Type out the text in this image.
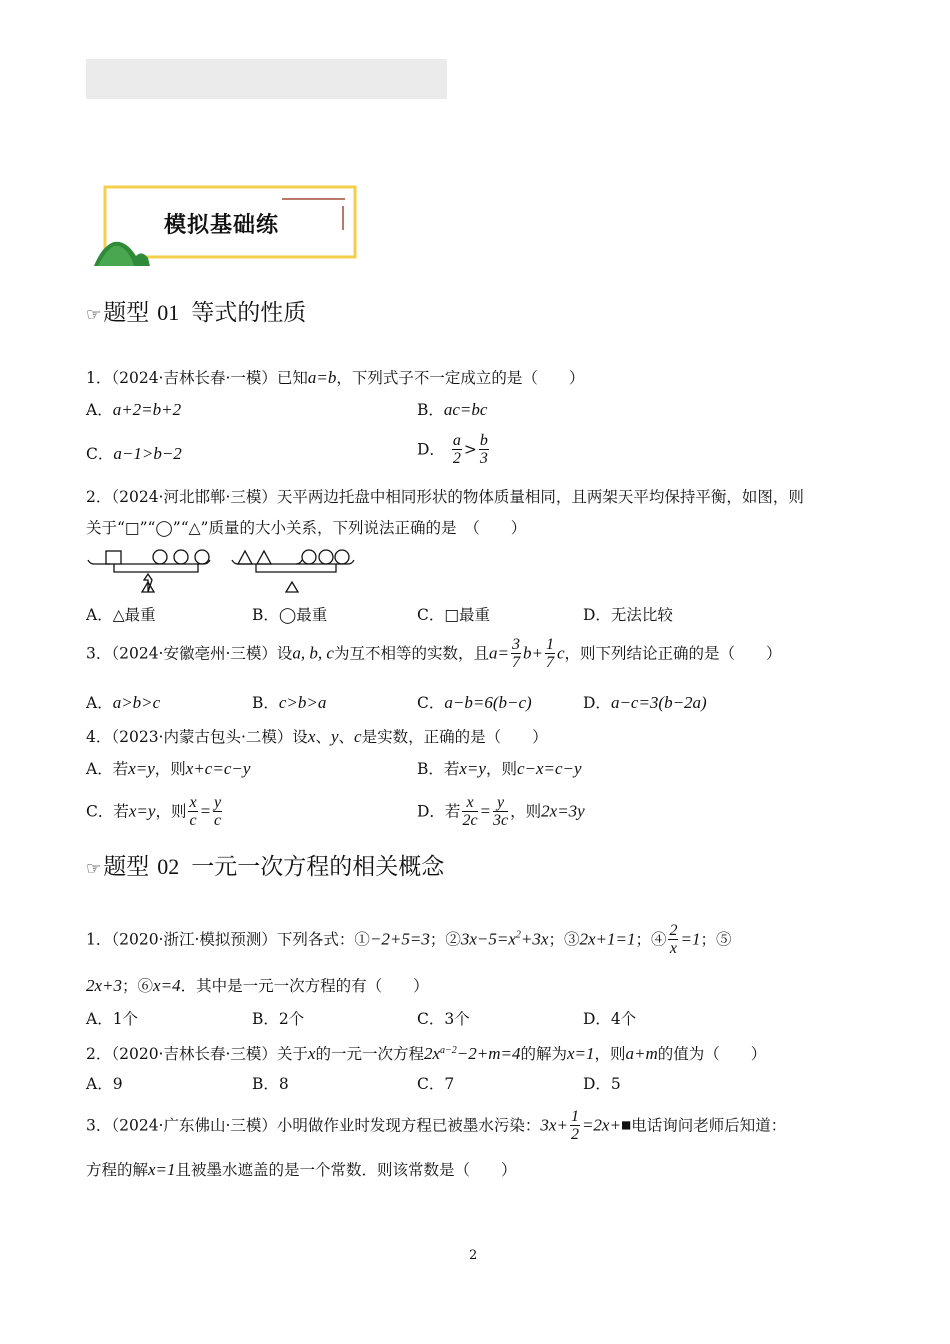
模拟基础练
☞题型 01 等式的性质
1．（2024·吉林长春·一模）已知a=b，下列式子不一定成立的是（　　）
A．a+2=b+2	B．ac=bc
C．a−1>b−2	D． $\frac{a}{2} > \frac{b}{3}$
2．（2024·河北邯郸·三模）天平两边托盘中相同形状的物体质量相同，且两架天平均保持平衡，如图，则
关于“□”“◯”“△”质量的大小关系，下列说法正确的是　（　　）
A．△最重	B．◯最重	C．□最重	D．无法比较
3．（2024·安徽亳州·三模）设a, b, c为互不相等的实数，且$a= \frac{3}{7} b+ \frac{1}{7}$ c，则下列结论正确的是（　　）
A．a>b>c	B．c>b>a	C．a−b=6(b−c)	D．a−c=3(b−2a)
4．（2023·内蒙古包头·二模）设x、y、c是实数，正确的是（　　）
A．若x=y，则x+c=c−y	B．若x=y，则c−x=c−y
C．若x=y，则 $\frac{x}{c} = \frac{y}{c}$	D．若 $\frac{x}{2c} = \frac{y}{3c}$ ，则2x=3y
☞题型 02 一元一次方程的相关概念
1．（2020·浙江·模拟预测）下列各式：①−2+5=3；$②3x-5=x^2+3x$；③2x+1=1；④ $\frac{2}{x} =1$；⑤
2x+3；⑥x=4．其中是一元一次方程的有（　　）
A．1个	B．2个	C．3个	D．4个
2．（2020·吉林长春·三模）关于x的一元一次方程$2x^{a-2}-2+m=4$的解为x=1，则a+m的值为（　　）
A．9	B．8	C．7	D．5
3．（2024·广东佛山·三模）小明做作业时发现方程已被墨水污染：$3x+ \frac{1}{2}$ =2x+■电话询问老师后知道：
方程的解x=1且被墨水遮盖的是一个常数．则该常数是（　　）
2
